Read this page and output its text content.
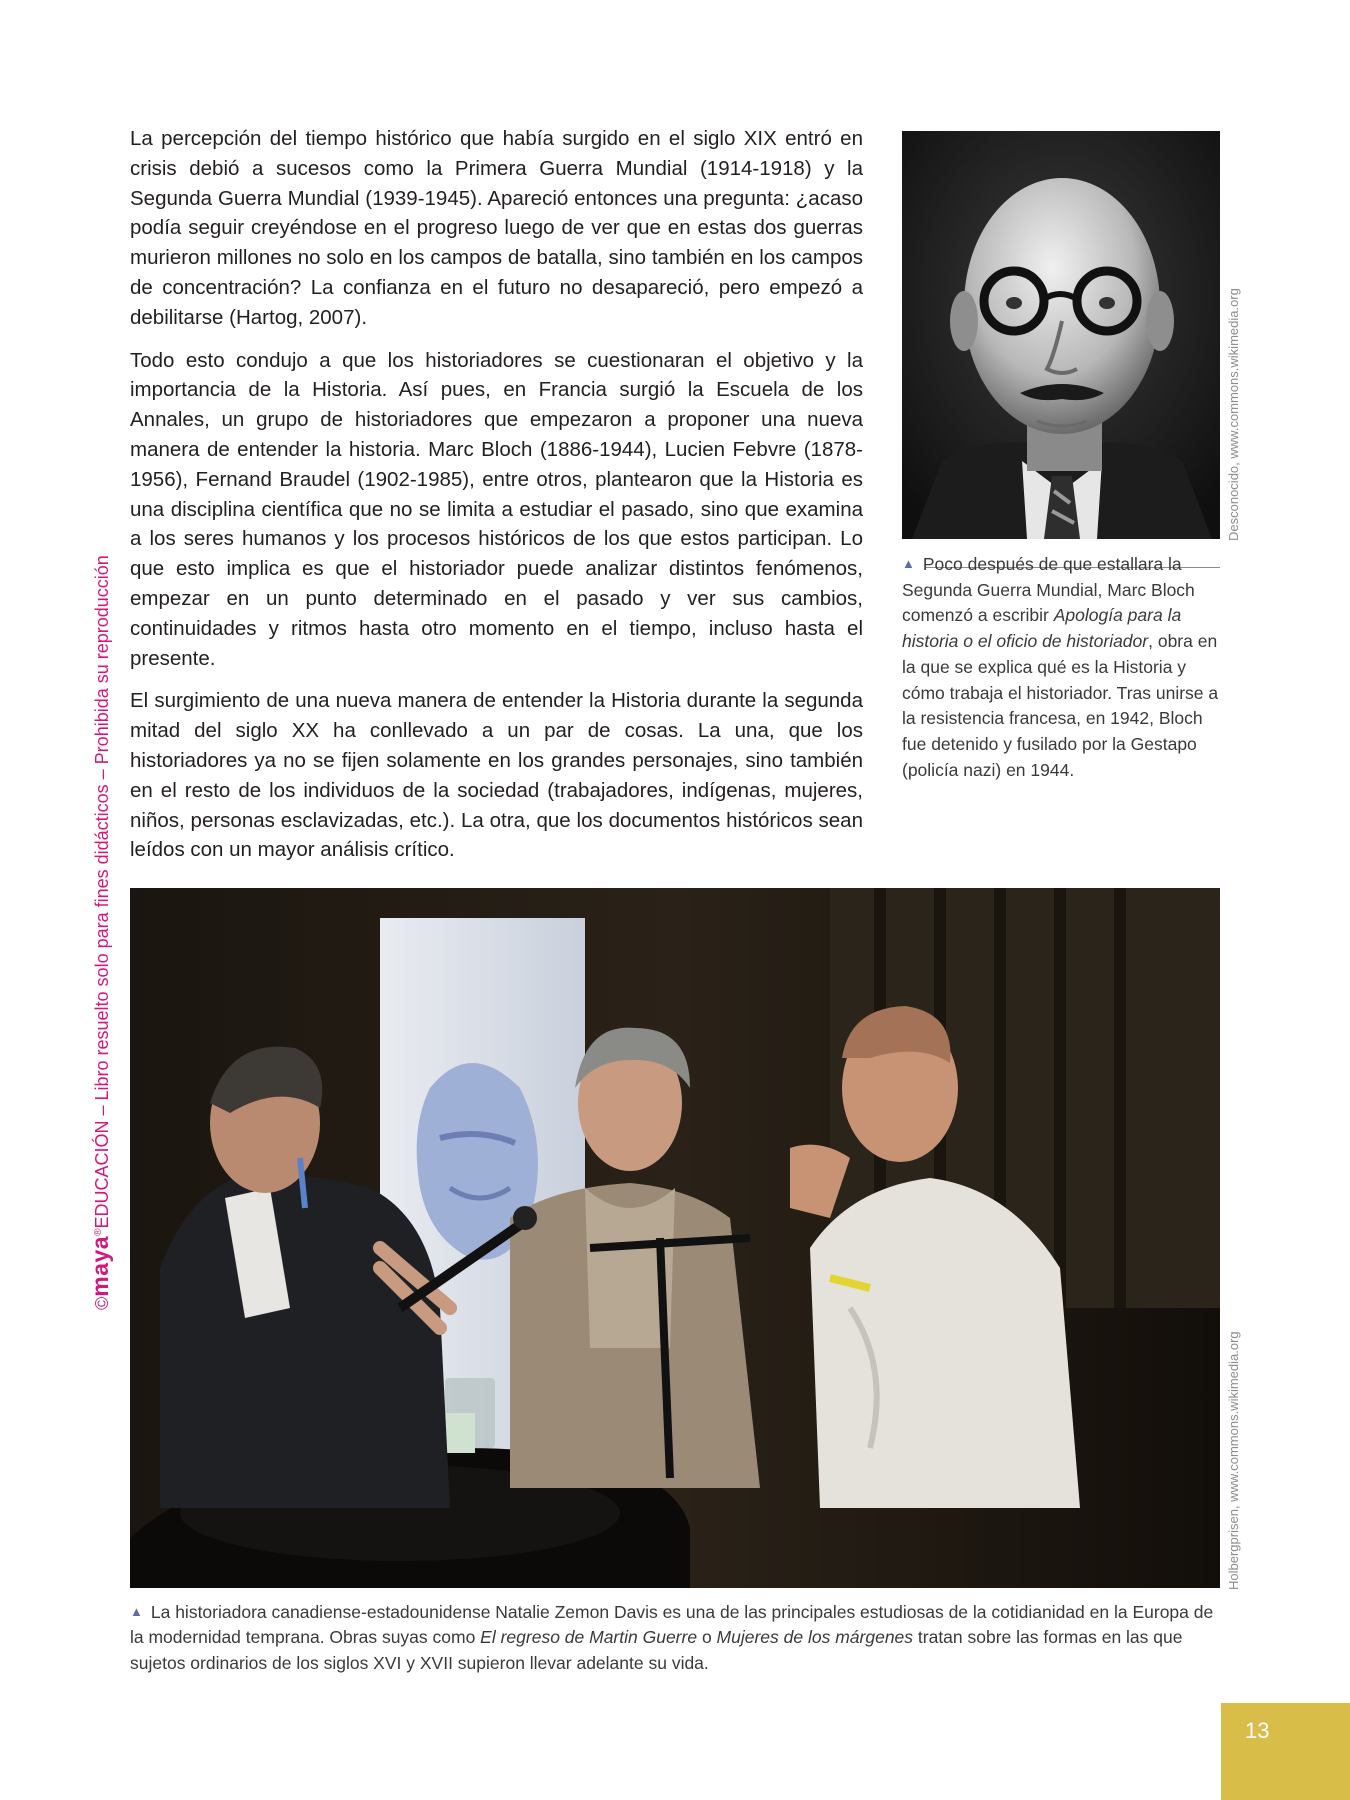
©maya®EDUCACIÓN – Libro resuelto solo para fines didácticos – Prohibida su reproducción

La percepción del tiempo histórico que había surgido en el siglo XIX entró en crisis debió a sucesos como la Primera Guerra Mundial (1914-1918) y la Segunda Guerra Mundial (1939-1945). Apareció entonces una pregunta: ¿acaso podía seguir creyéndose en el progreso luego de ver que en estas dos guerras murieron millones no solo en los campos de batalla, sino también en los campos de concentración? La confianza en el futuro no desapareció, pero empezó a debilitarse (Hartog, 2007).

Todo esto condujo a que los historiadores se cuestionaran el objetivo y la importancia de la Historia. Así pues, en Francia surgió la Escuela de los Annales, un grupo de historiadores que empezaron a proponer una nueva manera de entender la historia. Marc Bloch (1886-1944), Lucien Febvre (1878-1956), Fernand Braudel (1902-1985), entre otros, plantearon que la Historia es una disciplina científica que no se limita a estudiar el pasado, sino que examina a los seres humanos y los procesos históricos de los que estos participan. Lo que esto implica es que el historiador puede analizar distintos fenómenos, empezar en un punto determinado en el pasado y ver sus cambios, continuidades y ritmos hasta otro momento en el tiempo, incluso hasta el presente.

El surgimiento de una nueva manera de entender la Historia durante la segunda mitad del siglo XX ha conllevado a un par de cosas. La una, que los historiadores ya no se fijen solamente en los grandes personajes, sino también en el resto de los individuos de la sociedad (trabajadores, indígenas, mujeres, niños, personas esclavizadas, etc.). La otra, que los documentos históricos sean leídos con un mayor análisis crítico.

Desconocido, www.commons.wikimedia.org
▲ Poco después de que estallara la Segunda Guerra Mundial, Marc Bloch comenzó a escribir Apología para la historia o el oficio de historiador, obra en la que se explica qué es la Historia y cómo trabaja el historiador. Tras unirse a la resistencia francesa, en 1942, Bloch fue detenido y fusilado por la Gestapo (policía nazi) en 1944.
Holbergprisen, www.commons.wikimedia.org
▲ La historiadora canadiense-estadounidense Natalie Zemon Davis es una de las principales estudiosas de la cotidianidad en la Europa de la modernidad temprana. Obras suyas como El regreso de Martin Guerre o Mujeres de los márgenes tratan sobre las formas en las que sujetos ordinarios de los siglos XVI y XVII supieron llevar adelante su vida.
13
